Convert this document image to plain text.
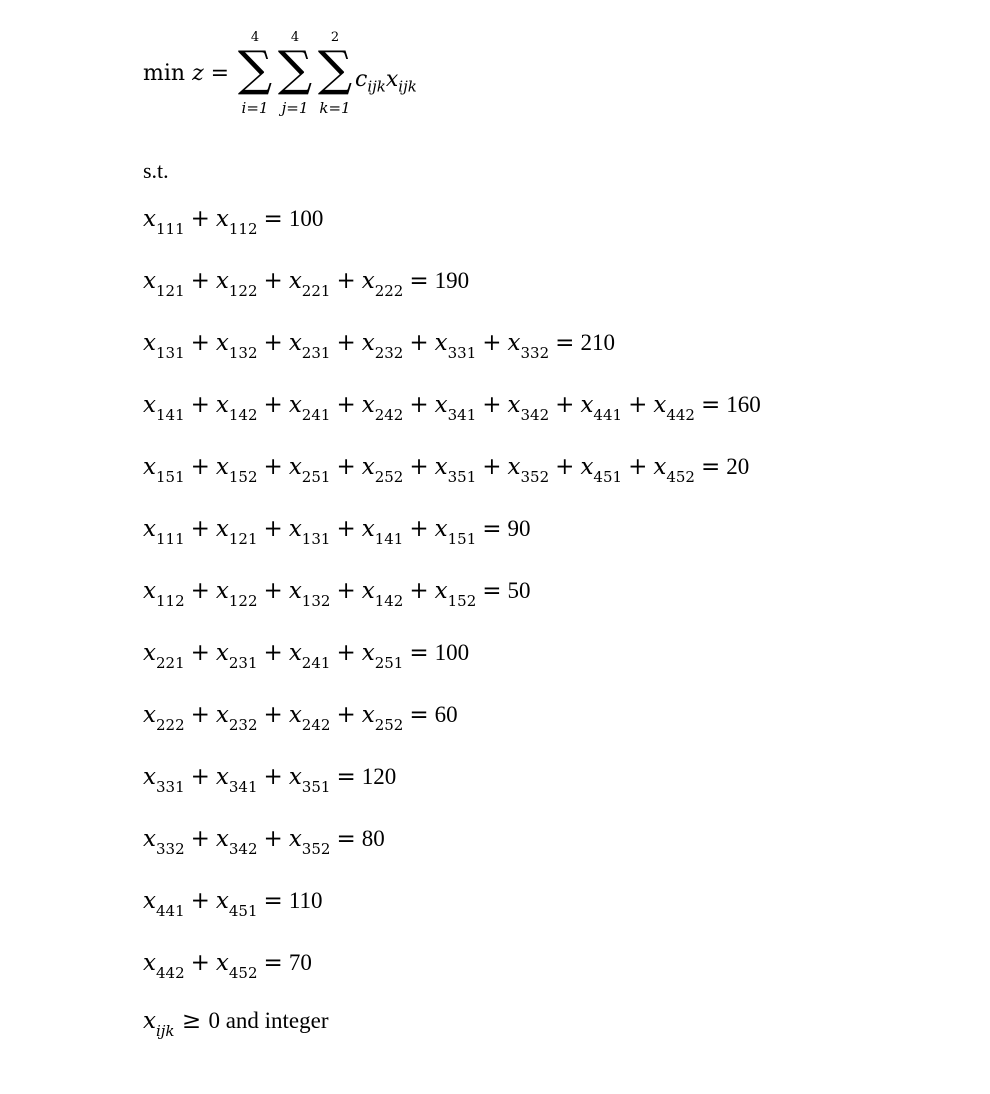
min z =
4
∑
i=1
4
∑
j=1
2
∑
k=1
$c_{ijk}x_{ijk}$
s.t.
$x_{111} + x_{112} = 100$
$x_{121} + x_{122} + x_{221} + x_{222} = 190$
$x_{131} + x_{132} + x_{231} + x_{232} + x_{331} + x_{332} = 210$
$x_{141} + x_{142} + x_{241} + x_{242} + x_{341} + x_{342} + x_{441} + x_{442} = 160$
$x_{151} + x_{152} + x_{251} + x_{252} + x_{351} + x_{352} + x_{451} + x_{452} = 20$
$x_{111} + x_{121} + x_{131} + x_{141} + x_{151} = 90$
$x_{112} + x_{122} + x_{132} + x_{142} + x_{152} = 50$
$x_{221} + x_{231} + x_{241} + x_{251} = 100$
$x_{222} + x_{232} + x_{242} + x_{252} = 60$
$x_{331} + x_{341} + x_{351} = 120$
$x_{332} + x_{342} + x_{352} = 80$
$x_{441} + x_{451} = 110$
$x_{442} + x_{452} = 70$
$x_{ijk} \ge 0$ and integer
